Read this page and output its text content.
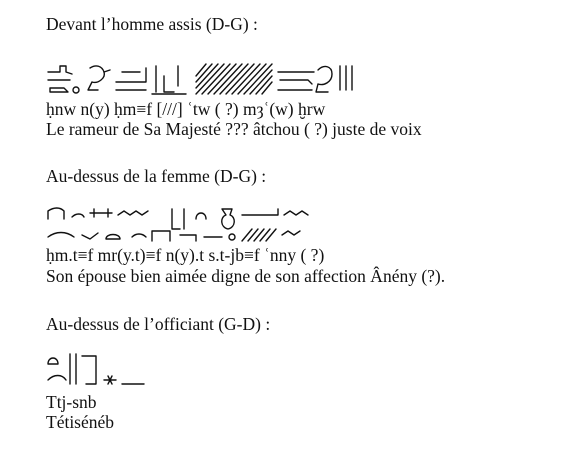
Devant l’homme assis (D-G) :
ḥnw n(y) ḥm≡f [///] ʿtw ( ?) mȝʿ(w) ḫrw
Le rameur de Sa Majesté ??? âtchou ( ?) juste de voix
Au-dessus de la femme (D-G) :
ḥm.t≡f mr(y.t)≡f n(y).t s.t-jb≡f ʿnny ( ?)
Son épouse bien aimée digne de son affection Ânény (?).
Au-dessus de l’officiant (G-D) :
Ttj-snb
Tétisénéb
